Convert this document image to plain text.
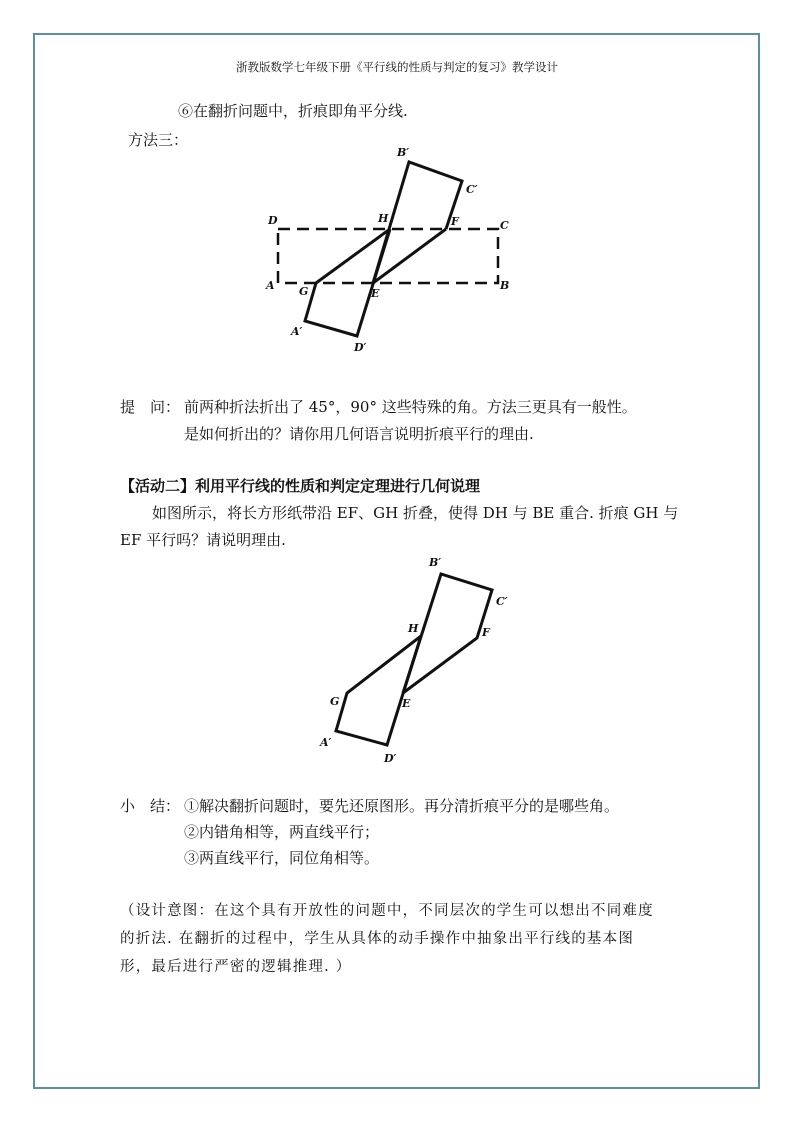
浙教版数学七年级下册《平行线的性质与判定的复习》教学设计
⑥在翻折问题中，折痕即角平分线.
方法三：
B′
C′
D	H	F	C
A G	E
B
A′
D′
提　问： 前两种折法折出了 45°，90° 这些特殊的角。方法三更具有一般性。
是如何折出的？请你用几何语言说明折痕平行的理由.
【活动二】利用平行线的性质和判定定理进行几何说理
如图所示，将长方形纸带沿 EF、GH 折叠，使得 DH 与 BE 重合. 折痕 GH 与
EF 平行吗？请说明理由.
B′
C′
H	F
G	E
A′
D′
小　结： ①解决翻折问题时，要先还原图形。再分清折痕平分的是哪些角。
②内错角相等，两直线平行；
③两直线平行，同位角相等。
（设计意图：在这个具有开放性的问题中，不同层次的学生可以想出不同难度
的折法. 在翻折的过程中，学生从具体的动手操作中抽象出平行线的基本图
形，最后进行严密的逻辑推理. ）
